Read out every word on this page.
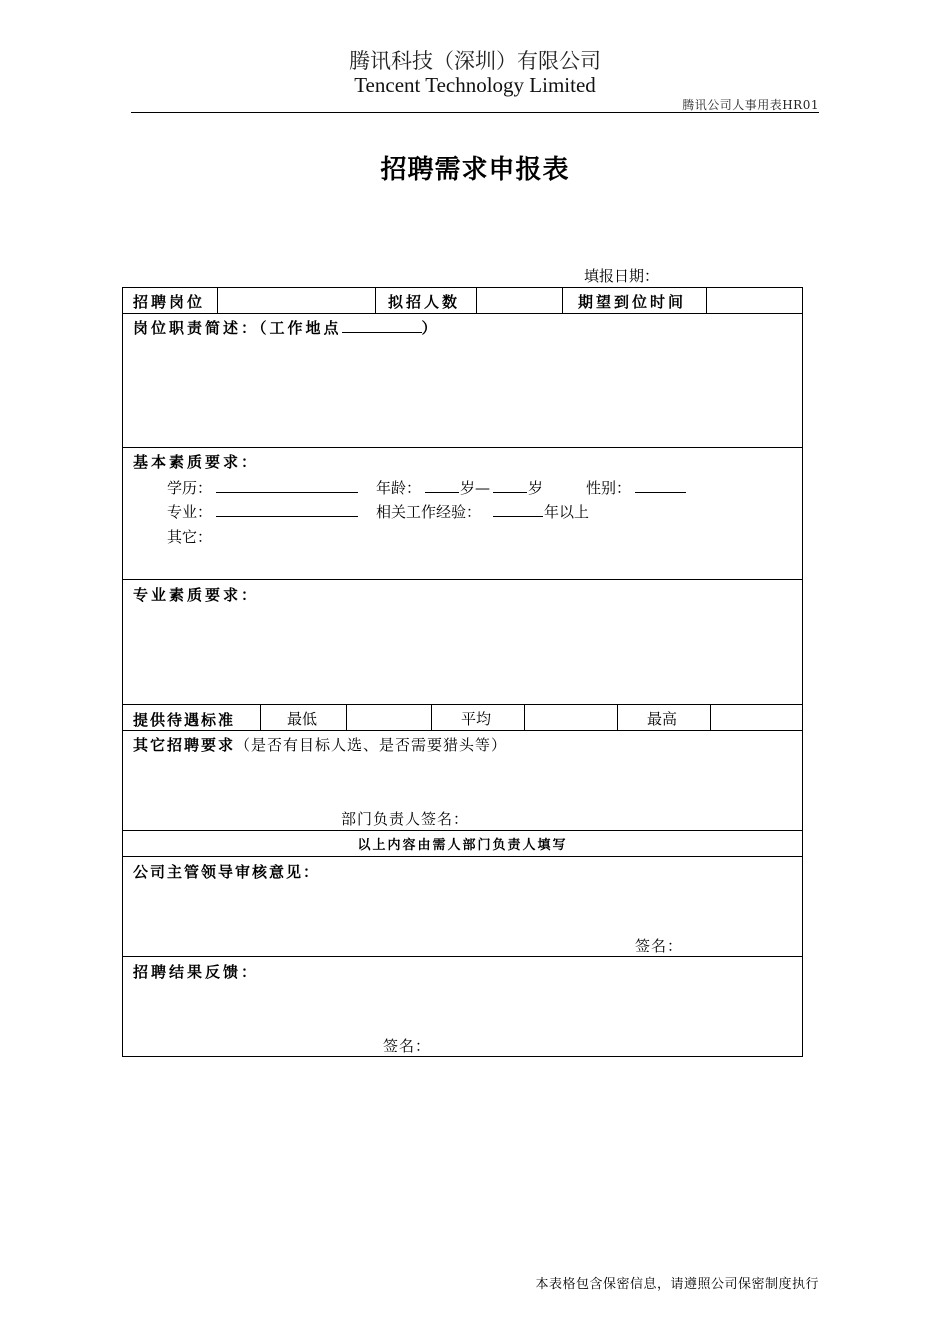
腾讯科技（深圳）有限公司
Tencent Technology Limited
腾讯公司人事用表HR01
招聘需求申报表
填报日期：
招聘岗位	拟招人数	期望到位时间
岗位职责简述：（工作地点	）
基本素质要求：
学历：	年龄：	岁—	岁	性别：
专业：	相关工作经验：	年以上
其它：
专业素质要求：
提供待遇标准	最低	平均	最高
其它招聘要求（是否有目标人选、是否需要猎头等）
部门负责人签名：
以上内容由需人部门负责人填写
公司主管领导审核意见：
签名：
招聘结果反馈：
签名：
本表格包含保密信息，请遵照公司保密制度执行
